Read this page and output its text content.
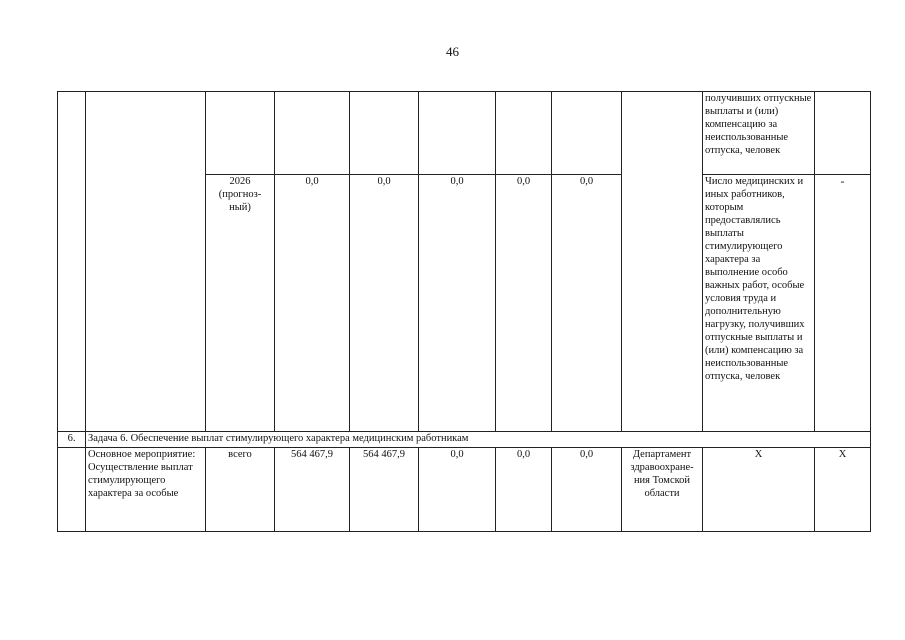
46
									получивших отпускные выплаты и (или) компенсацию за неиспользованные отпуска, человек	
		2026 (прогноз-ный)	0,0	0,0	0,0	0,0	0,0		Число медицинских и иных работников, которым предоставлялись выплаты стимулирующего характера за выполнение особо важных работ, особые условия труда и дополнительную нагрузку, получивших отпускные выплаты и (или) компенсацию за неиспользованные отпуска, человек	-
6.	Задача 6. Обеспечение выплат стимулирующего характера медицинским работникам									
	Основное мероприятие: Осуществление выплат стимулирующего характера за особые	всего	564 467,9	564 467,9	0,0	0,0	0,0	Департамент здравоохране-ния Томской области	Х	Х
